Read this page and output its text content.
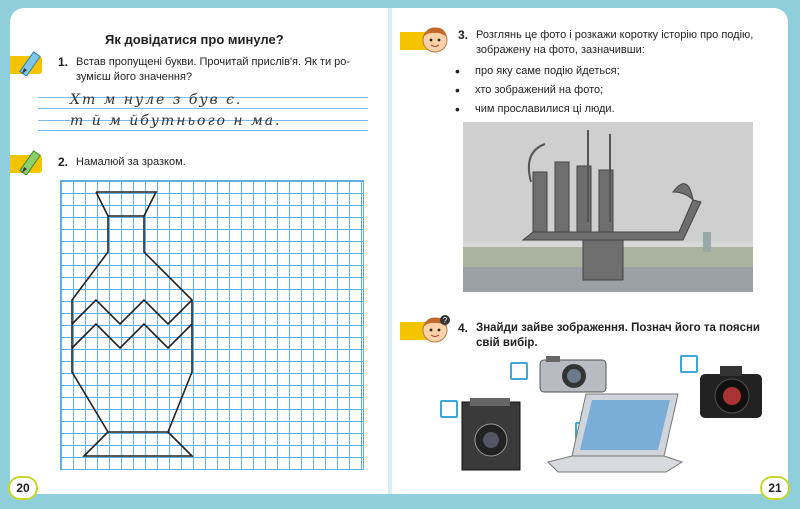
Як довідатися про минуле?
1. Встав пропущені букви. Прочитай прислів'я. Як ти ро-
зумієш його значення?
Хт м нуле з був є.
т й м йбутнього н ма.
2. Намалюй за зразком.
20
3. Розглянь це фото і розкажи коротку історію про подію,
зображену на фото, зазначивши:
• про яку саме подію йдеться;
• хто зображений на фото;
• чим прославилися ці люди.
?
4. Знайди зайве зображення. Познач його та поясни
свій вибір.
21
